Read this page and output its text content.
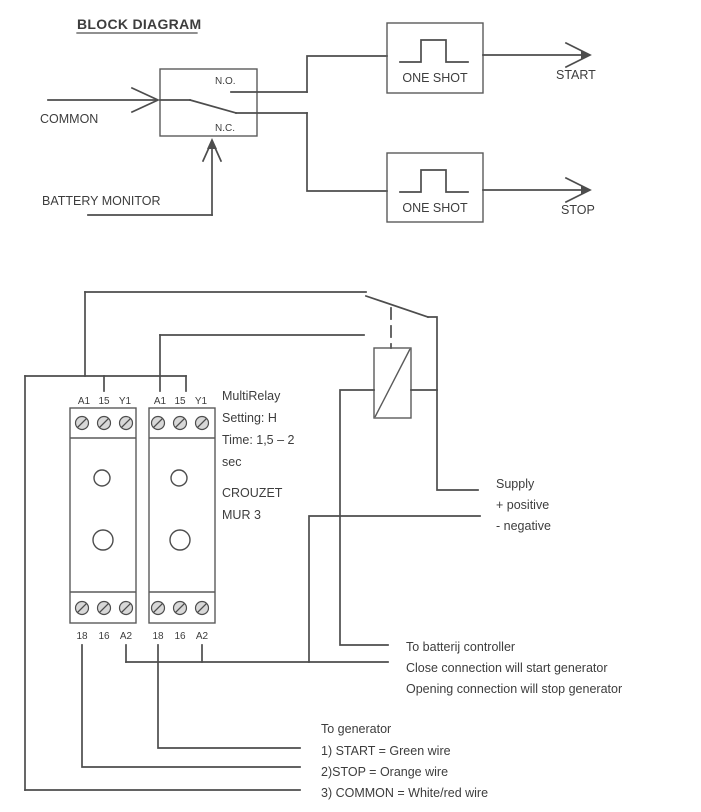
BLOCK DIAGRAM
N.O.
N.C.
COMMON
BATTERY MONITOR
ONE SHOT	START
ONE SHOT	STOP
A1 15 Y1
18 16 A2
A1 15 Y1
18 16 A2
MultiRelay
Setting: H
Time: 1,5 – 2
sec
CROUZET
MUR 3
Supply
+ positive
- negative
To batterij controller
Close connection will start generator
Opening connection will stop generator
To generator
1) START = Green wire
2)STOP = Orange wire
3) COMMON = White/red wire
